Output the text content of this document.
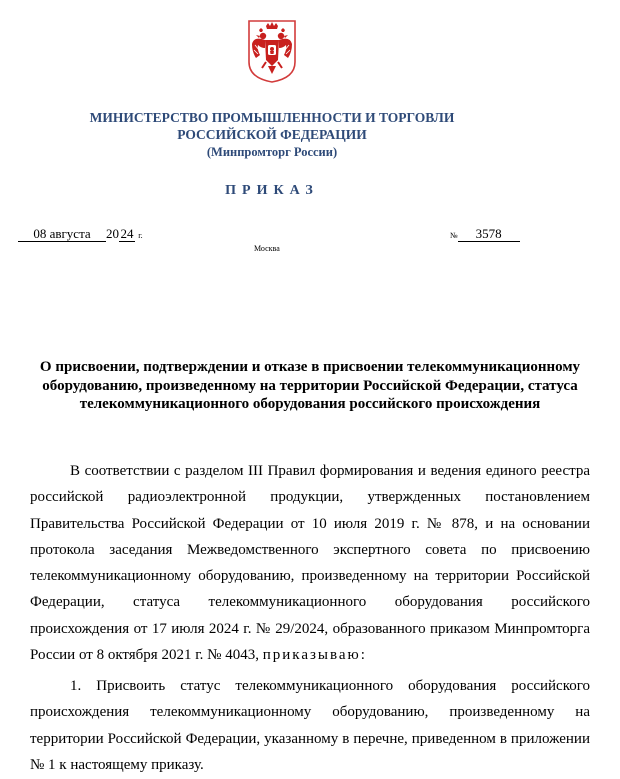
МИНИСТЕРСТВО ПРОМЫШЛЕННОСТИ И ТОРГОВЛИ
РОССИЙСКОЙ ФЕДЕРАЦИИ
(Минпромторг России)
ПРИКАЗ
08 августа 20 24 г.	№ 3578
Москва
О присвоении, подтверждении и отказе в присвоении телекоммуникационному оборудованию, произведенному на территории Российской Федерации, статуса телекоммуникационного оборудования российского происхождения

В соответствии с разделом III Правил формирования и ведения единого реестра российской радиоэлектронной продукции, утвержденных постановлением Правительства Российской Федерации от 10 июля 2019 г. № 878, и на основании протокола заседания Межведомственного экспертного совета по присвоению телекоммуникационному оборудованию, произведенному на территории Российской Федерации, статуса телекоммуникационного оборудования российского происхождения от 17 июля 2024 г. № 29/2024, образованного приказом Минпромторга России от 8 октября 2021 г. № 4043, приказываю:

1. Присвоить статус телекоммуникационного оборудования российского происхождения телекоммуникационному оборудованию, произведенному на территории Российской Федерации, указанному в перечне, приведенном в приложении № 1 к настоящему приказу.
